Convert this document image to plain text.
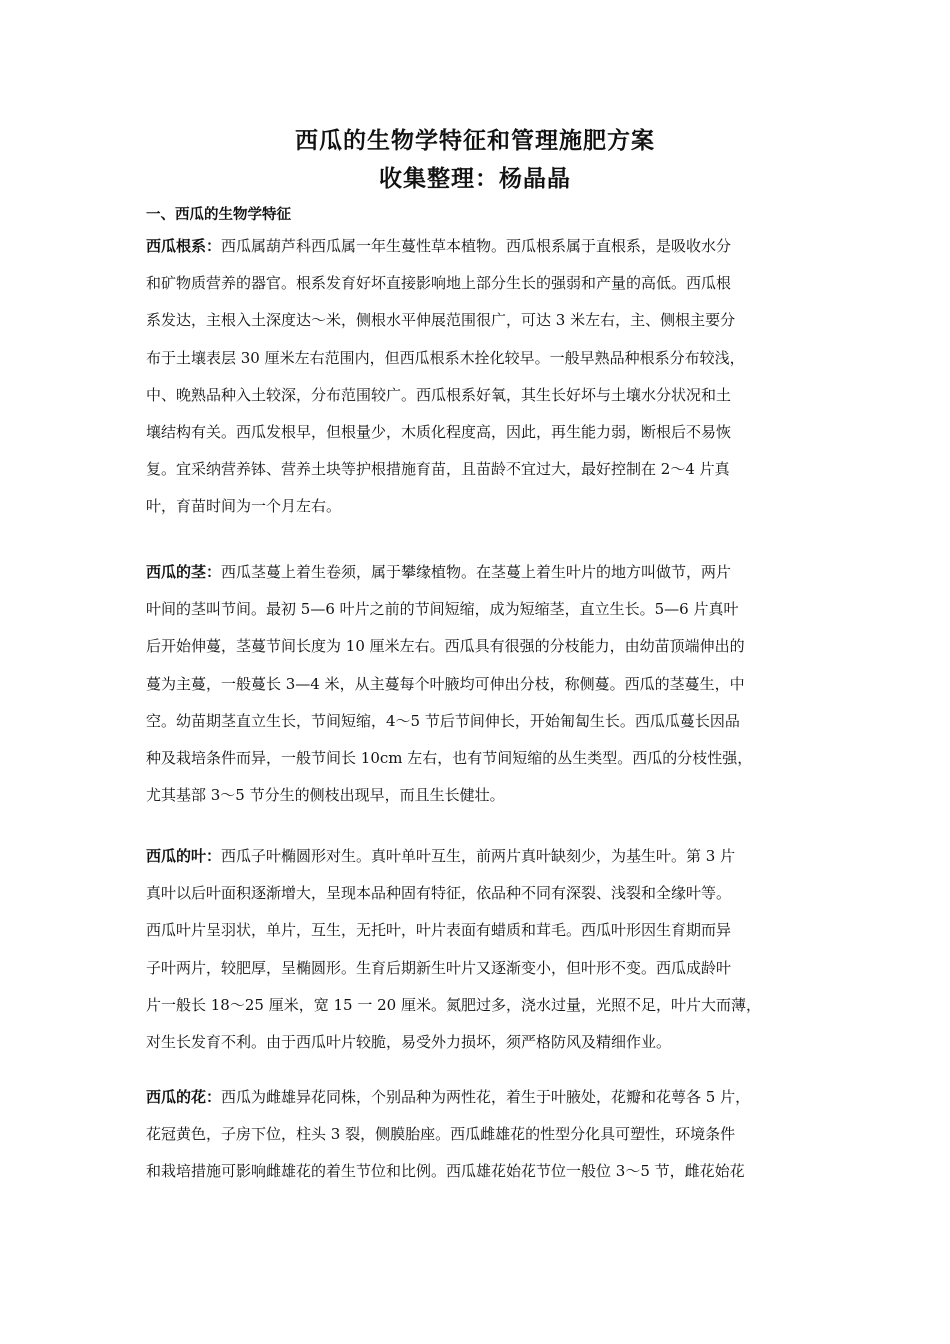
西瓜的生物学特征和管理施肥方案
收集整理：杨晶晶
一、西瓜的生物学特征
西瓜根系：西瓜属葫芦科西瓜属一年生蔓性草本植物。西瓜根系属于直根系，是吸收水分
和矿物质营养的器官。根系发育好坏直接影响地上部分生长的强弱和产量的高低。西瓜根
系发达，主根入土深度达～米，侧根水平伸展范围很广，可达 3 米左右，主、侧根主要分
布于土壤表层 30 厘米左右范围内，但西瓜根系木拴化较早。一般早熟品种根系分布较浅，
中、晚熟品种入土较深，分布范围较广。西瓜根系好氧，其生长好坏与土壤水分状况和土
壤结构有关。西瓜发根早，但根量少，木质化程度高，因此，再生能力弱，断根后不易恢
复。宜采纳营养钵、营养土块等护根措施育苗，且苗龄不宜过大，最好控制在 2～4 片真
叶，育苗时间为一个月左右。
西瓜的茎：西瓜茎蔓上着生卷须，属于攀缘植物。在茎蔓上着生叶片的地方叫做节，两片
叶间的茎叫节间。最初 5—6 叶片之前的节间短缩，成为短缩茎，直立生长。5—6 片真叶
后开始伸蔓，茎蔓节间长度为 10 厘米左右。西瓜具有很强的分枝能力，由幼苗顶端伸出的
蔓为主蔓，一般蔓长 3—4 米，从主蔓每个叶腋均可伸出分枝，称侧蔓。西瓜的茎蔓生，中
空。幼苗期茎直立生长，节间短缩，4～5 节后节间伸长，开始匍匐生长。西瓜瓜蔓长因品
种及栽培条件而异，一般节间长 10cm 左右，也有节间短缩的丛生类型。西瓜的分枝性强，
尤其基部 3～5 节分生的侧枝出现早，而且生长健壮。
西瓜的叶：西瓜子叶椭圆形对生。真叶单叶互生，前两片真叶缺刻少，为基生叶。第 3 片
真叶以后叶面积逐渐增大，呈现本品种固有特征，依品种不同有深裂、浅裂和全缘叶等。
西瓜叶片呈羽状，单片，互生，无托叶，叶片表面有蜡质和茸毛。西瓜叶形因生育期而异
子叶两片，较肥厚，呈椭圆形。生育后期新生叶片又逐渐变小，但叶形不变。西瓜成龄叶
片一般长 18～25 厘米，宽 15 一 20 厘米。氮肥过多，浇水过量，光照不足，叶片大而薄，
对生长发育不利。由于西瓜叶片较脆，易受外力损坏，须严格防风及精细作业。
西瓜的花：西瓜为雌雄异花同株，个别品种为两性花，着生于叶腋处，花瓣和花萼各 5 片，
花冠黄色，子房下位，柱头 3 裂，侧膜胎座。西瓜雌雄花的性型分化具可塑性，环境条件
和栽培措施可影响雌雄花的着生节位和比例。西瓜雄花始花节位一般位 3～5 节，雌花始花
